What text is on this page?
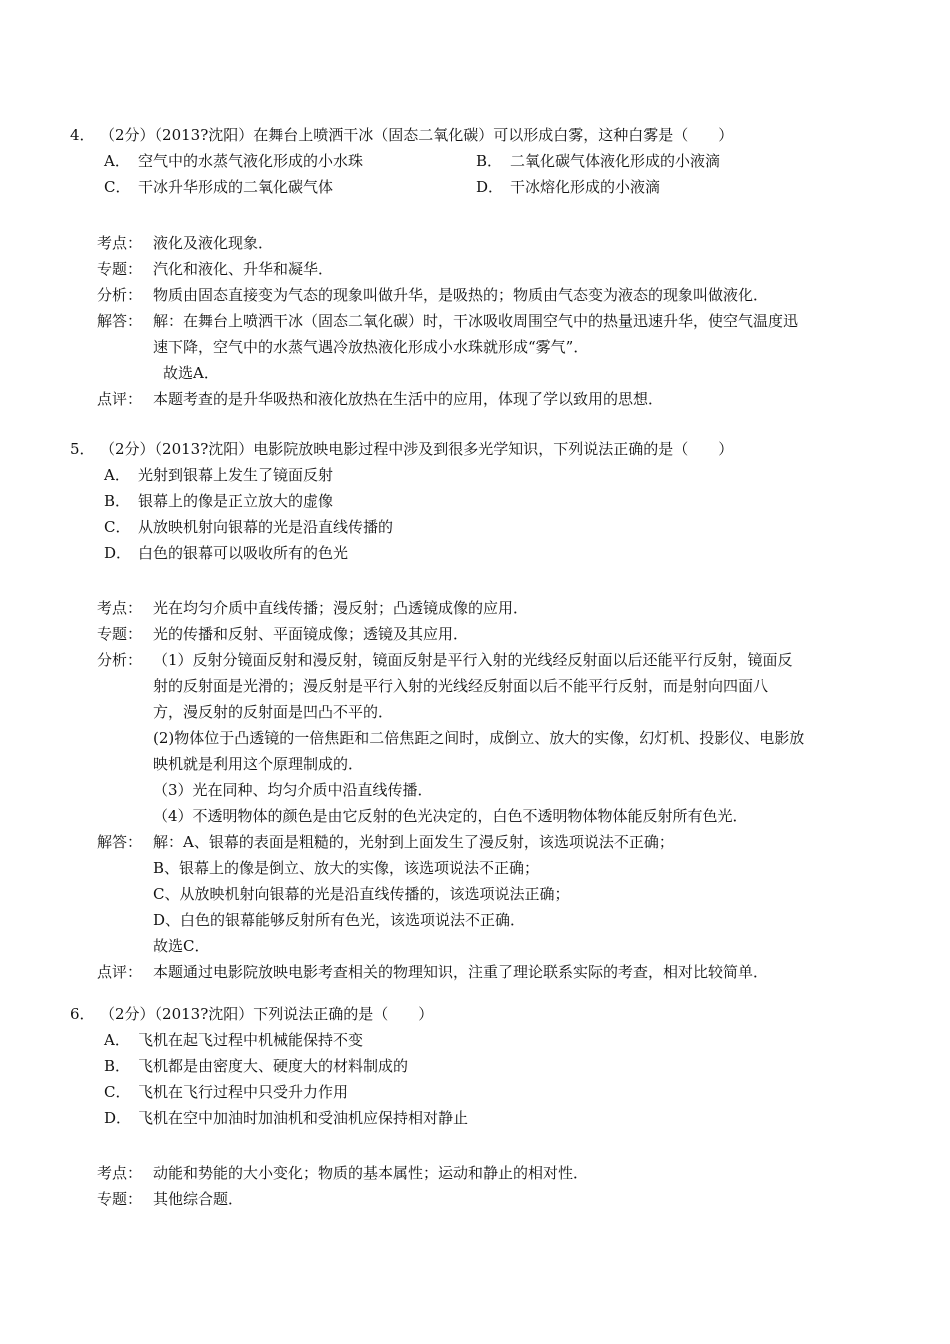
4． （2分）（2013?沈阳）在舞台上喷洒干冰（固态二氧化碳）可以形成白雾，这种白雾是（　　）
A． 空气中的水蒸气液化形成的小水珠	B． 二氧化碳气体液化形成的小液滴
C． 干冰升华形成的二氧化碳气体	D． 干冰熔化形成的小液滴
考点： 液化及液化现象．
专题： 汽化和液化、升华和凝华．
分析： 物质由固态直接变为气态的现象叫做升华，是吸热的；物质由气态变为液态的现象叫做液化．
解答： 解：在舞台上喷洒干冰（固态二氧化碳）时，干冰吸收周围空气中的热量迅速升华，使空气温度迅
速下降，空气中的水蒸气遇冷放热液化形成小水珠就形成“雾气”．
故选A．
点评： 本题考查的是升华吸热和液化放热在生活中的应用，体现了学以致用的思想．
5． （2分）（2013?沈阳）电影院放映电影过程中涉及到很多光学知识，下列说法正确的是（　　）
A． 光射到银幕上发生了镜面反射
B． 银幕上的像是正立放大的虚像
C． 从放映机射向银幕的光是沿直线传播的
D． 白色的银幕可以吸收所有的色光
考点： 光在均匀介质中直线传播；漫反射；凸透镜成像的应用．
专题： 光的传播和反射、平面镜成像；透镜及其应用．
分析： （1）反射分镜面反射和漫反射，镜面反射是平行入射的光线经反射面以后还能平行反射，镜面反
射的反射面是光滑的；漫反射是平行入射的光线经反射面以后不能平行反射，而是射向四面八
方，漫反射的反射面是凹凸不平的．
(2)物体位于凸透镜的一倍焦距和二倍焦距之间时，成倒立、放大的实像，幻灯机、投影仪、电影放
映机就是利用这个原理制成的．
（3）光在同种、均匀介质中沿直线传播．
（4）不透明物体的颜色是由它反射的色光决定的，白色不透明物体物体能反射所有色光．
解答： 解：A、银幕的表面是粗糙的，光射到上面发生了漫反射，该选项说法不正确；
B、银幕上的像是倒立、放大的实像，该选项说法不正确；
C、从放映机射向银幕的光是沿直线传播的，该选项说法正确；
D、白色的银幕能够反射所有色光，该选项说法不正确．
故选C．
点评： 本题通过电影院放映电影考查相关的物理知识，注重了理论联系实际的考查，相对比较简单．
6． （2分）（2013?沈阳）下列说法正确的是（　　）
A． 飞机在起飞过程中机械能保持不变
B． 飞机都是由密度大、硬度大的材料制成的
C． 飞机在飞行过程中只受升力作用
D． 飞机在空中加油时加油机和受油机应保持相对静止
考点： 动能和势能的大小变化；物质的基本属性；运动和静止的相对性．
专题： 其他综合题．
